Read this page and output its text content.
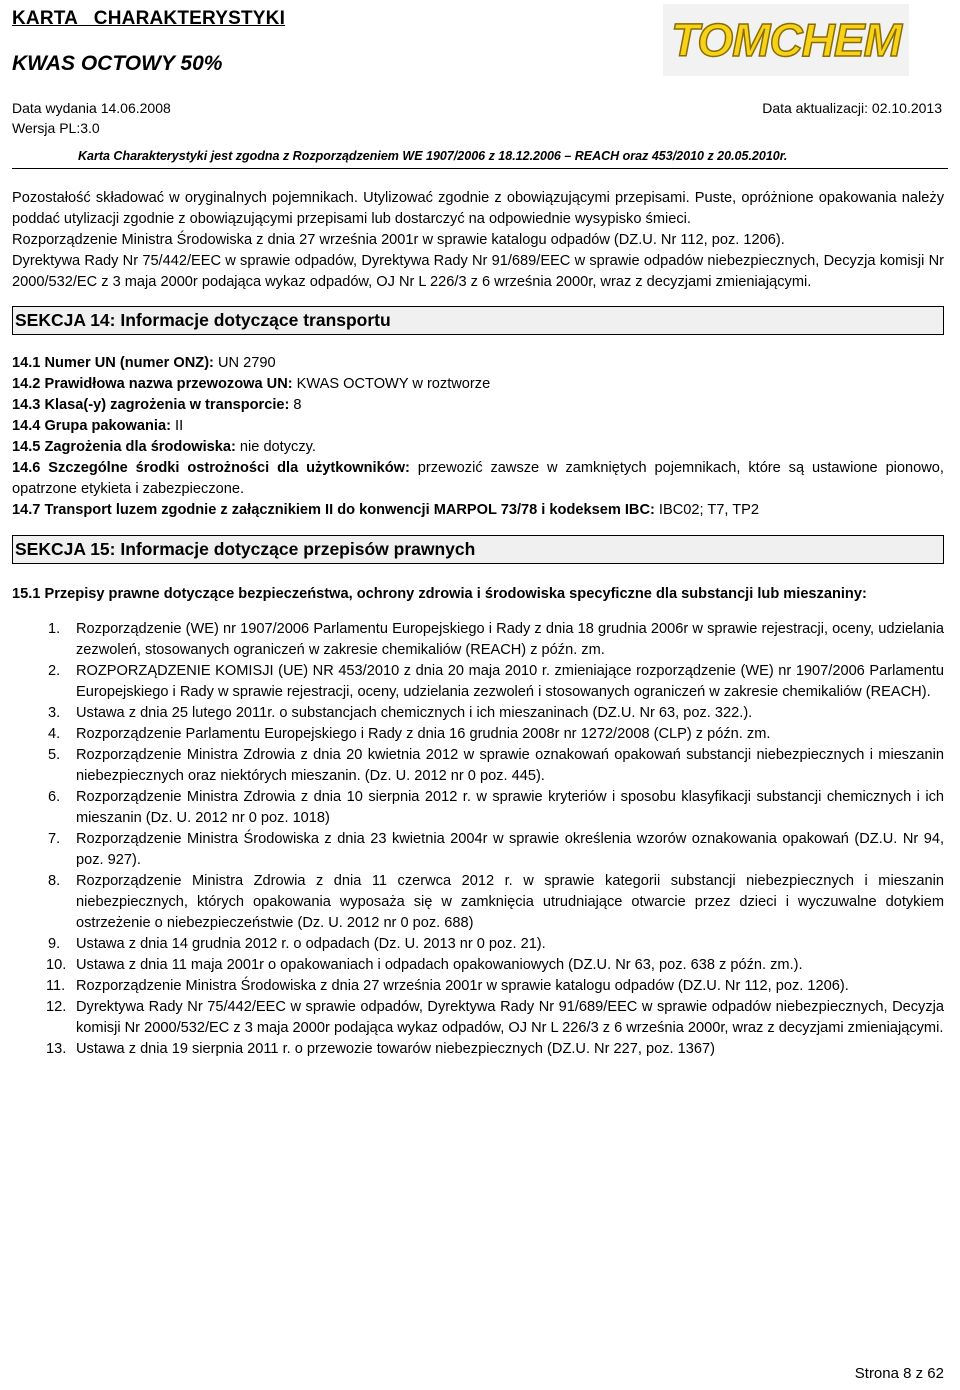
KARTA   CHARAKTERYSTYKI
KWAS OCTOWY 50%
Data wydania 14.06.2008	Data aktualizacji: 02.10.2013
Wersja PL:3.0
Karta Charakterystyki jest zgodna z Rozporządzeniem WE 1907/2006 z 18.12.2006 – REACH oraz 453/2010 z 20.05.2010r.
TOMCHEM

Pozostałość składować w oryginalnych pojemnikach. Utylizować zgodnie z obowiązującymi przepisami. Puste, opróżnione opakowania należy poddać utylizacji zgodnie z obowiązującymi przepisami lub dostarczyć na odpowiednie wysypisko śmieci.

Rozporządzenie Ministra Środowiska z dnia 27 września 2001r w sprawie katalogu odpadów (DZ.U. Nr 112, poz. 1206).

Dyrektywa Rady Nr 75/442/EEC w sprawie odpadów, Dyrektywa Rady Nr 91/689/EEC w sprawie odpadów niebezpiecznych, Decyzja komisji Nr 2000/532/EC z 3 maja 2000r podająca wykaz odpadów, OJ Nr L 226/3 z 6 września 2000r, wraz z decyzjami zmieniającymi.

SEKCJA 14: Informacje dotyczące transportu

14.1 Numer UN (numer ONZ): UN 2790

14.2 Prawidłowa nazwa przewozowa UN: KWAS OCTOWY w roztworze

14.3 Klasa(-y) zagrożenia w transporcie: 8

14.4 Grupa pakowania: II

14.5 Zagrożenia dla środowiska: nie dotyczy.

14.6 Szczególne środki ostrożności dla użytkowników: przewozić zawsze w zamkniętych pojemnikach, które są ustawione pionowo, opatrzone etykieta i zabezpieczone.

14.7 Transport luzem zgodnie z załącznikiem II do konwencji MARPOL 73/78 i kodeksem IBC: IBC02; T7, TP2

SEKCJA 15: Informacje dotyczące przepisów prawnych

15.1 Przepisy prawne dotyczące bezpieczeństwa, ochrony zdrowia i środowiska specyficzne dla substancji lub mieszaniny:

1.	Rozporządzenie (WE) nr 1907/2006 Parlamentu Europejskiego i Rady z dnia 18 grudnia 2006r w sprawie rejestracji, oceny, udzielania zezwoleń, stosowanych ograniczeń w zakresie chemikaliów (REACH) z późn. zm.
2.	ROZPORZĄDZENIE KOMISJI (UE) NR 453/2010 z dnia 20 maja 2010 r. zmieniające rozporządzenie (WE) nr 1907/2006 Parlamentu Europejskiego i Rady w sprawie rejestracji, oceny, udzielania zezwoleń i stosowanych ograniczeń w zakresie chemikaliów (REACH).
3.	Ustawa z dnia 25 lutego 2011r. o substancjach chemicznych i ich mieszaninach (DZ.U. Nr 63, poz. 322.).
4.	Rozporządzenie Parlamentu Europejskiego i Rady z dnia 16 grudnia 2008r nr 1272/2008 (CLP) z późn. zm.
5.	Rozporządzenie Ministra Zdrowia z dnia 20 kwietnia 2012 w sprawie oznakowań opakowań substancji niebezpiecznych i mieszanin niebezpiecznych oraz niektórych mieszanin. (Dz. U. 2012 nr 0 poz. 445).
6.	Rozporządzenie Ministra Zdrowia z dnia 10 sierpnia 2012 r. w sprawie kryteriów i sposobu klasyfikacji substancji chemicznych i ich mieszanin (Dz. U. 2012 nr 0 poz. 1018)
7.	Rozporządzenie Ministra Środowiska z dnia 23 kwietnia 2004r w sprawie określenia wzorów oznakowania opakowań (DZ.U. Nr 94, poz. 927).
8.	Rozporządzenie Ministra Zdrowia z dnia 11 czerwca 2012 r. w sprawie kategorii substancji niebezpiecznych i mieszanin niebezpiecznych, których opakowania wyposaża się w zamknięcia utrudniające otwarcie przez dzieci i wyczuwalne dotykiem ostrzeżenie o niebezpieczeństwie (Dz. U. 2012 nr 0 poz. 688)
9.	Ustawa z dnia 14 grudnia 2012 r. o odpadach (Dz. U. 2013 nr 0 poz. 21).
10. Ustawa z dnia 11 maja 2001r o opakowaniach i odpadach opakowaniowych (DZ.U. Nr 63, poz. 638 z późn. zm.).
11. Rozporządzenie Ministra Środowiska z dnia 27 września 2001r w sprawie katalogu odpadów (DZ.U. Nr 112, poz. 1206).
12. Dyrektywa Rady Nr 75/442/EEC w sprawie odpadów, Dyrektywa Rady Nr 91/689/EEC w sprawie odpadów niebezpiecznych, Decyzja komisji Nr 2000/532/EC z 3 maja 2000r podająca wykaz odpadów, OJ Nr L 226/3 z 6 września 2000r, wraz z decyzjami zmieniającymi.
13. Ustawa z dnia 19 sierpnia 2011 r. o przewozie towarów niebezpiecznych (DZ.U. Nr 227, poz. 1367)
Strona 8 z 62
